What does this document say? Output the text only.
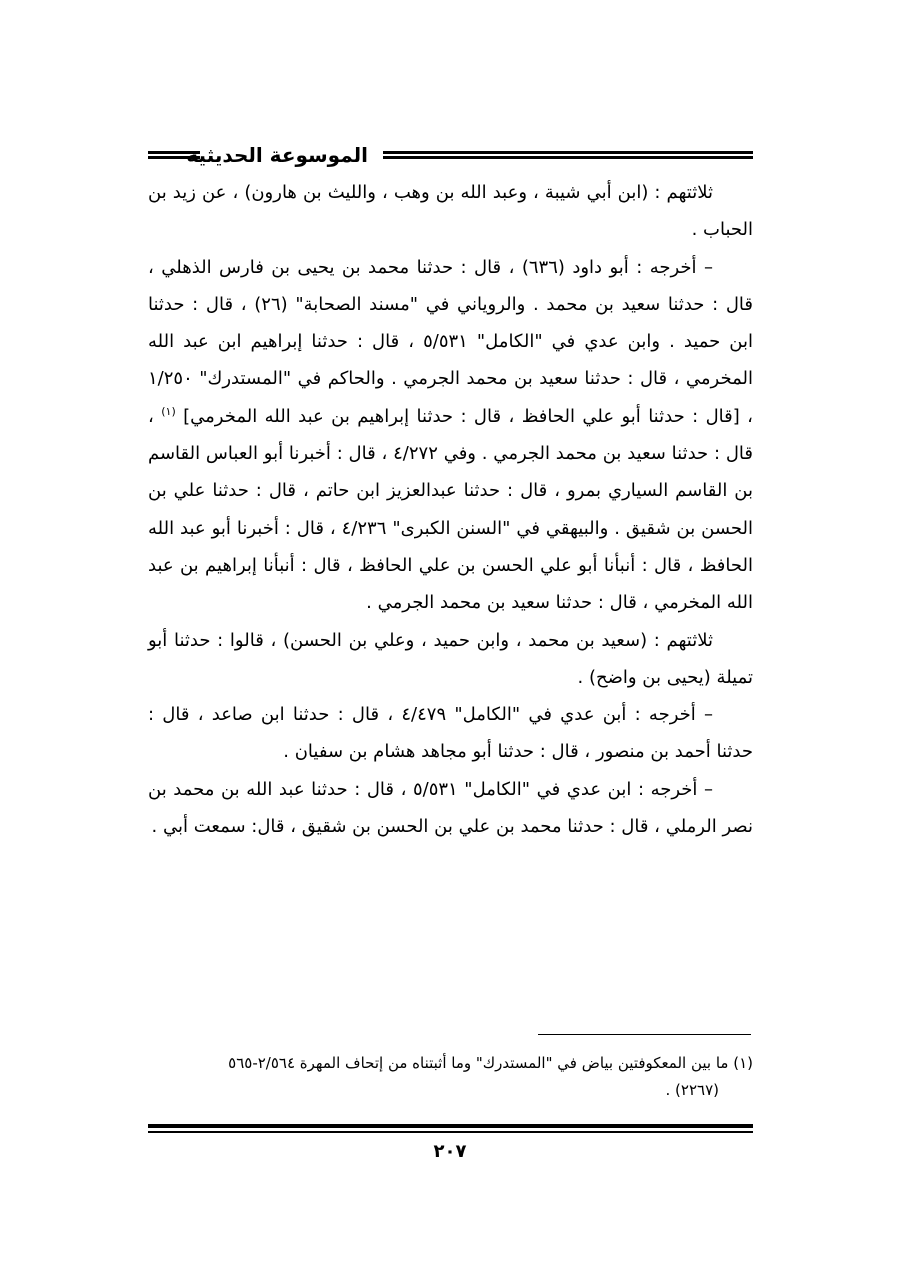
الموسوعة الحديثية

ثلاثتهم : (ابن أبي شيبة ، وعبد الله بن وهب ، والليث بن هارون) ، عن زيد بن الحباب .

– أخرجه : أبو داود (٦٣٦) ، قال : حدثنا محمد بن يحيى بن فارس الذهلي ، قال : حدثنا سعيد بن محمد . والروياني في "مسند الصحابة" (٢٦) ، قال : حدثنا ابن حميد . وابن عدي في "الكامل" ٥/٥٣١ ، قال : حدثنا إبراهيم ابن عبد الله المخرمي ، قال : حدثنا سعيد بن محمد الجرمي . والحاكم في "المستدرك" ١/٢٥٠ ، [قال : حدثنا أبو علي الحافظ ، قال : حدثنا إبراهيم بن عبد الله المخرمي] $^{(١)}$ ، قال : حدثنا سعيد بن محمد الجرمي . وفي ٤/٢٧٢ ، قال : أخبرنا أبو العباس القاسم بن القاسم السياري بمرو ، قال : حدثنا عبدالعزيز ابن حاتم ، قال : حدثنا علي بن الحسن بن شقيق . والبيهقي في "السنن الكبرى" ٤/٢٣٦ ، قال : أخبرنا أبو عبد الله الحافظ ، قال : أنبأنا أبو علي الحسن بن علي الحافظ ، قال : أنبأنا إبراهيم بن عبد الله المخرمي ، قال : حدثنا سعيد بن محمد الجرمي .

ثلاثتهم : (سعيد بن محمد ، وابن حميد ، وعلي بن الحسن) ، قالوا : حدثنا أبو تميلة (يحيى بن واضح) .

– أخرجه : أبن عدي في "الكامل" ٤/٤٧٩ ، قال : حدثنا ابن صاعد ، قال : حدثنا أحمد بن منصور ، قال : حدثنا أبو مجاهد هشام بن سفيان .

– أخرجه : ابن عدي في "الكامل" ٥/٥٣١ ، قال : حدثنا عبد الله بن محمد بن نصر الرملي ، قال : حدثنا محمد بن علي بن الحسن بن شقيق ، قال: سمعت أبي .

(١) ما بين المعكوفتين بياض في "المستدرك" وما أثبتناه من إتحاف المهرة ٢/٥٦٤-٥٦٥
(٢٢٦٧) .
٢٠٧
